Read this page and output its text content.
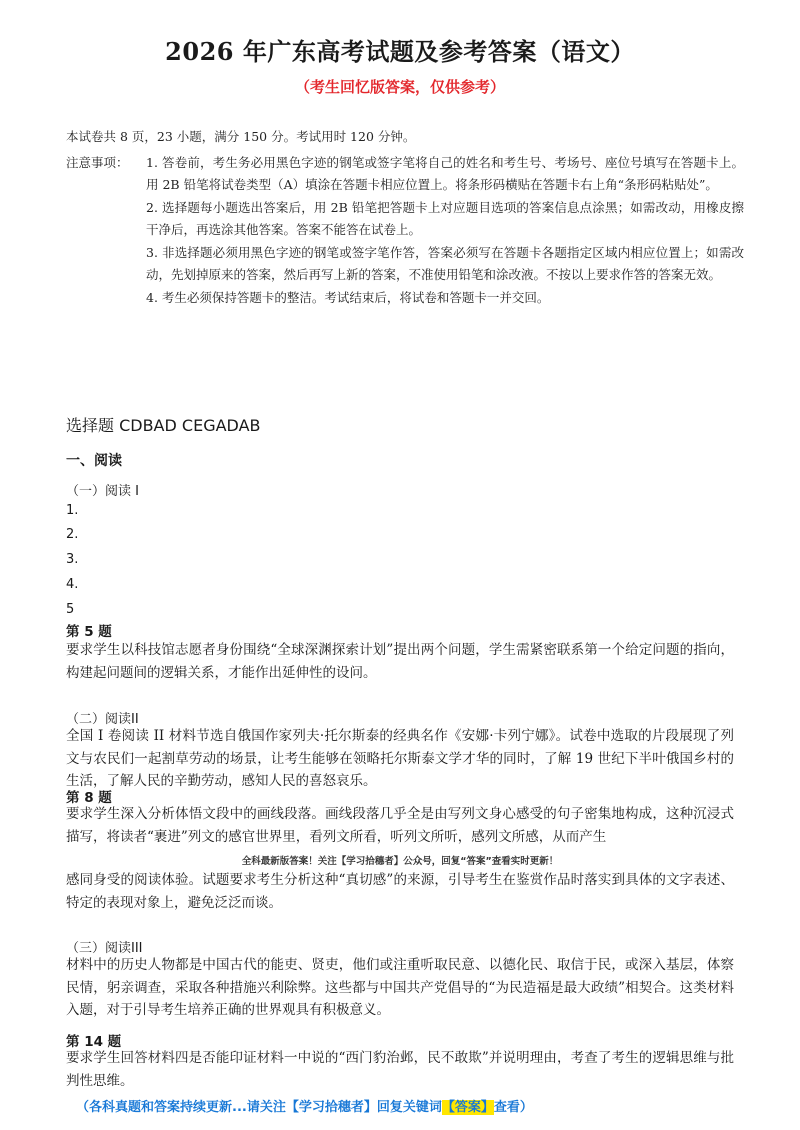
2026 年广东高考试题及参考答案（语文）
（考生回忆版答案，仅供参考）
本试卷共 8 页，23 小题，满分 150 分。考试用时 120 分钟。
注意事项： 1. 答卷前，考生务必用黑色字迹的钢笔或签字笔将自己的姓名和考生号、考场号、座位号填写在答题卡上。用 2B 铅笔将试卷类型（A）填涂在答题卡相应位置上。将条形码横贴在答题卡右上角“条形码粘贴处”。

2. 选择题每小题选出答案后，用 2B 铅笔把答题卡上对应题目选项的答案信息点涂黑；如需改动，用橡皮擦干净后，再选涂其他答案。答案不能答在试卷上。

3. 非选择题必须用黑色字迹的钢笔或签字笔作答，答案必须写在答题卡各题指定区域内相应位置上；如需改动，先划掉原来的答案，然后再写上新的答案，不准使用铅笔和涂改液。不按以上要求作答的答案无效。

4. 考生必须保持答题卡的整洁。考试结束后，将试卷和答题卡一并交回。

选择题 CDBAD CEGADAB
一、阅读
（一）阅读 I
1.
2.
3.
4.
5
第 5 题
要求学生以科技馆志愿者身份围绕“全球深渊探索计划”提出两个问题，学生需紧密联系第一个给定问题的指向，构建起问题间的逻辑关系，才能作出延伸性的设问。
（二）阅读II
全国 I 卷阅读 II 材料节选自俄国作家列夫·托尔斯泰的经典名作《安娜·卡列宁娜》。试卷中选取的片段展现了列文与农民们一起割草劳动的场景，让考生能够在领略托尔斯泰文学才华的同时，了解 19 世纪下半叶俄国乡村的生活，了解人民的辛勤劳动，感知人民的喜怒哀乐。
第 8 题
要求学生深入分析体悟文段中的画线段落。画线段落几乎全是由写列文身心感受的句子密集地构成，这种沉浸式描写，将读者“裹进”列文的感官世界里，看列文所看，听列文所听，感列文所感，从而产生
全科最新版答案！关注【学习拾穗者】公众号，回复“答案”查看实时更新！
感同身受的阅读体验。试题要求考生分析这种“真切感”的来源，引导考生在鉴赏作品时落实到具体的文字表述、特定的表现对象上，避免泛泛而谈。
（三）阅读III
材料中的历史人物都是中国古代的能吏、贤吏，他们或注重听取民意、以德化民、取信于民，或深入基层，体察民情，躬亲调查，采取各种措施兴利除弊。这些都与中国共产党倡导的“为民造福是最大政绩”相契合。这类材料入题，对于引导考生培养正确的世界观具有积极意义。
第 14 题
要求学生回答材料四是否能印证材料一中说的“西门豹治邺，民不敢欺”并说明理由，考查了考生的逻辑思维与批判性思维。
（各科真题和答案持续更新...请关注【学习拾穗者】回复关键词【答案】查看）
